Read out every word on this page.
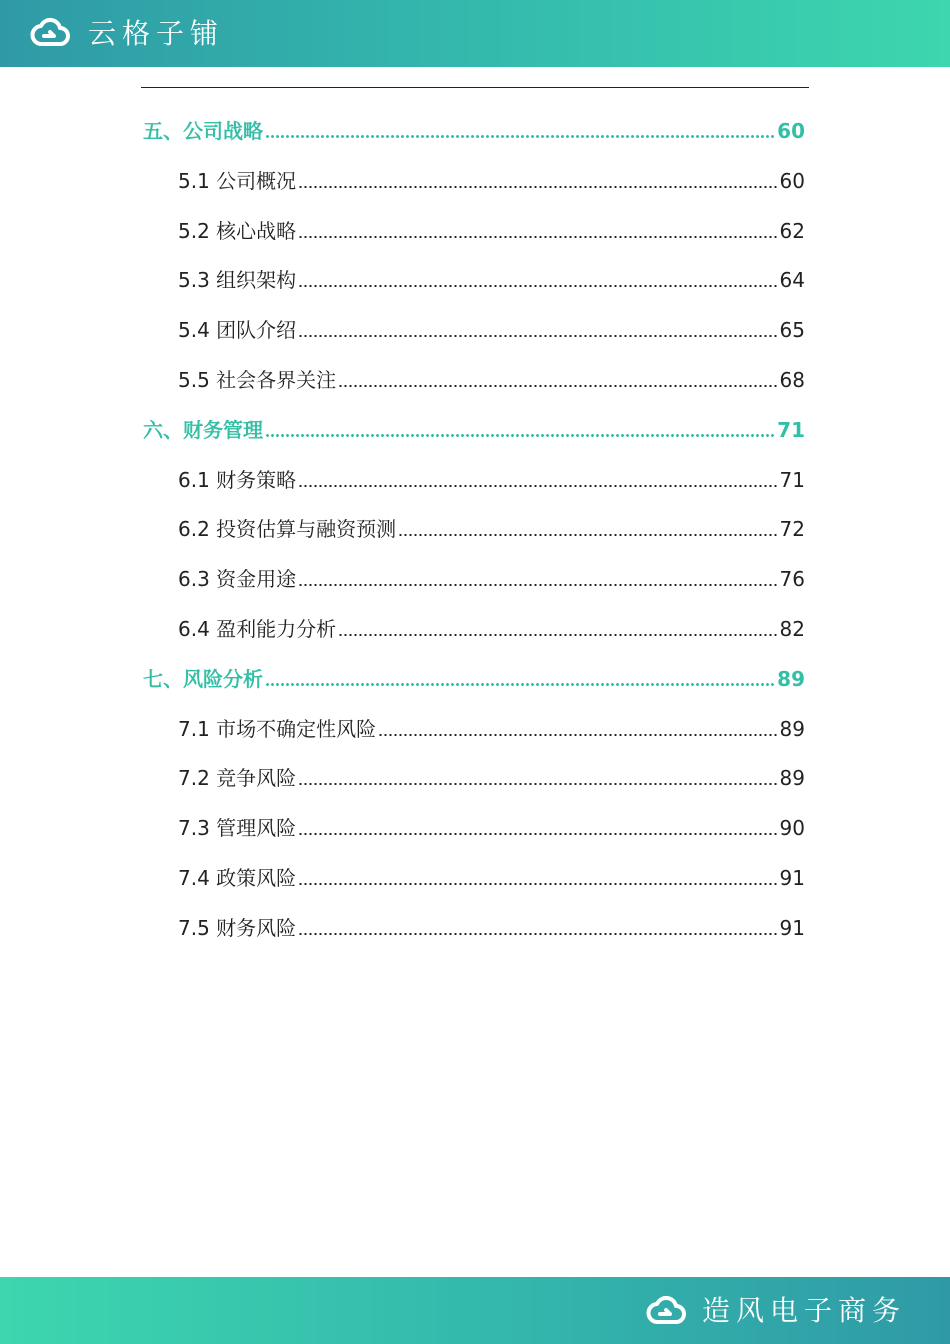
云格子铺
五、公司战略	60
5.1 公司概况	60
5.2 核心战略	62
5.3 组织架构	64
5.4 团队介绍	65
5.5 社会各界关注	68
六、财务管理	71
6.1 财务策略	71
6.2 投资估算与融资预测	72
6.3 资金用途	76
6.4 盈利能力分析	82
七、风险分析	89
7.1 市场不确定性风险	89
7.2 竞争风险	89
7.3 管理风险	90
7.4 政策风险	91
7.5 财务风险	91
造风电子商务
